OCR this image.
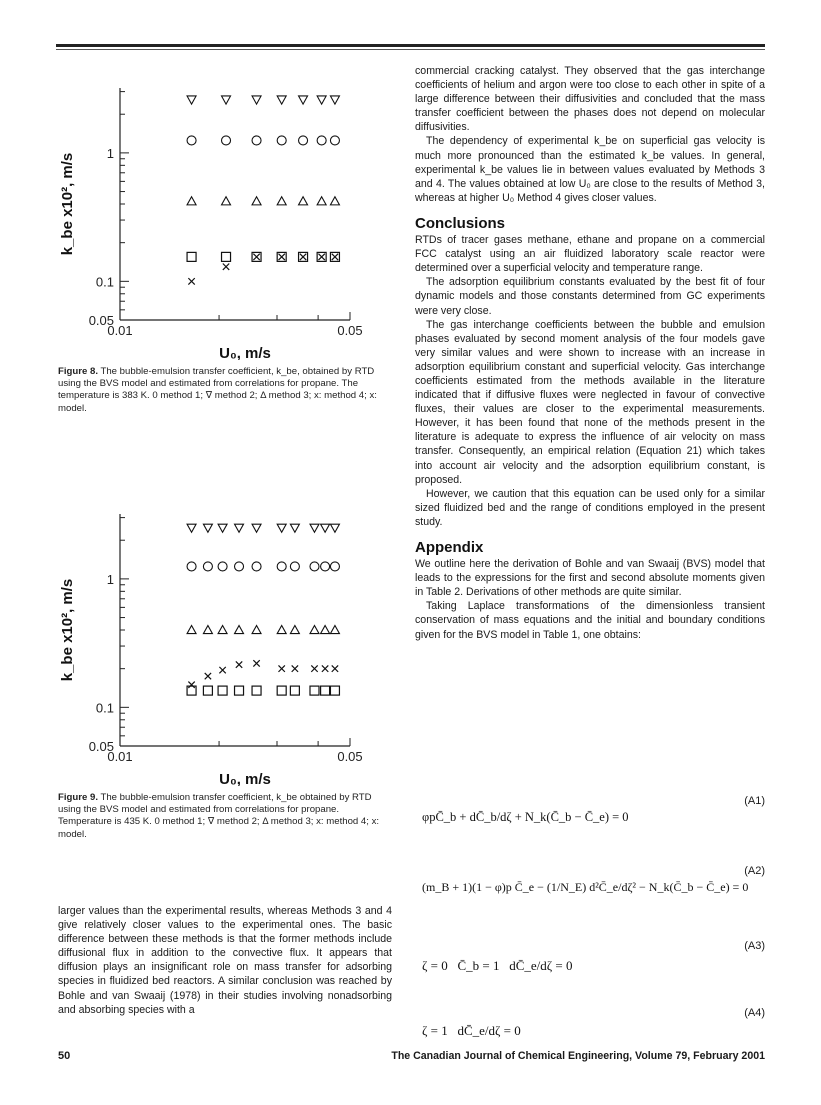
0.05
0.1
1
0.01	0.05
U₀, m/s
k_be x10², m/s
Figure 8. The bubble-emulsion transfer coefficient, k_be, obtained by RTD using the BVS model and estimated from correlations for propane. The temperature is 383 K. 0 method 1; ∇ method 2; Δ method 3; x: method 4; x: model.
0.05
0.1
1
0.01	0.05
U₀, m/s
k_be x10², m/s
Figure 9. The bubble-emulsion transfer coefficient, k_be obtained by RTD using the BVS model and estimated from correlations for propane. Temperature is 435 K. 0 method 1; ∇ method 2; Δ method 3; x: method 4; x: model.
larger values than the experimental results, whereas Methods 3 and 4 give relatively closer values to the experimental ones. The basic difference between these methods is that the former methods include diffusional flux in addition to the convective flux. It appears that diffusion plays an insignificant role on mass transfer for adsorbing species in fluidized bed reactors. A similar conclusion was reached by Bohle and van Swaaij (1978) in their studies involving nonadsorbing and absorbing species with a

commercial cracking catalyst. They observed that the gas interchange coefficients of helium and argon were too close to each other in spite of a large difference between their diffusivities and concluded that the mass transfer coefficient between the phases does not depend on molecular diffusivities.

The dependency of experimental k_be on superficial gas velocity is much more pronounced than the estimated k_be values. In general, experimental k_be values lie in between values evaluated by Methods 3 and 4. The values obtained at low U₀ are close to the results of Method 3, whereas at higher U₀ Method 4 gives closer values.

Conclusions

RTDs of tracer gases methane, ethane and propane on a commercial FCC catalyst using an air fluidized laboratory scale reactor were determined over a superficial velocity and temperature range.

The adsorption equilibrium constants evaluated by the best fit of four dynamic models and those constants determined from GC experiments were very close.

The gas interchange coefficients between the bubble and emulsion phases evaluated by second moment analysis of the four models gave very similar values and were shown to increase with an increase in adsorption equilibrium constant and superficial velocity. Gas interchange coefficients estimated from the methods available in the literature indicated that if diffusive fluxes were neglected in favour of convective fluxes, their values are closer to the experimental measurements. However, it has been found that none of the methods present in the literature is adequate to express the influence of air velocity on mass transfer. Consequently, an empirical relation (Equation 21) which takes into account air velocity and the adsorption equilibrium constant, is proposed.

However, we caution that this equation can be used only for a similar sized fluidized bed and the range of conditions employed in the present study.

Appendix

We outline here the derivation of Bohle and van Swaaij (BVS) model that leads to the expressions for the first and second absolute moments given in Table 2. Derivations of other methods are quite similar.

Taking Laplace transformations of the dimensionless transient conservation of mass equations and the initial and boundary conditions given for the BVS model in Table 1, one obtains:

(A1)
φpC̄_b + dC̄_b/dζ + N_k(C̄_b − C̄_e) = 0
(A2)
(m_B + 1)(1 − φ)p C̄_e − (1/N_E) d²C̄_e/dζ² − N_k(C̄_b − C̄_e) = 0
(A3)
ζ = 0   C̄_b = 1   dC̄_e/dζ = 0
(A4)
ζ = 1   dC̄_e/dζ = 0
50	The Canadian Journal of Chemical Engineering, Volume 79, February 2001
